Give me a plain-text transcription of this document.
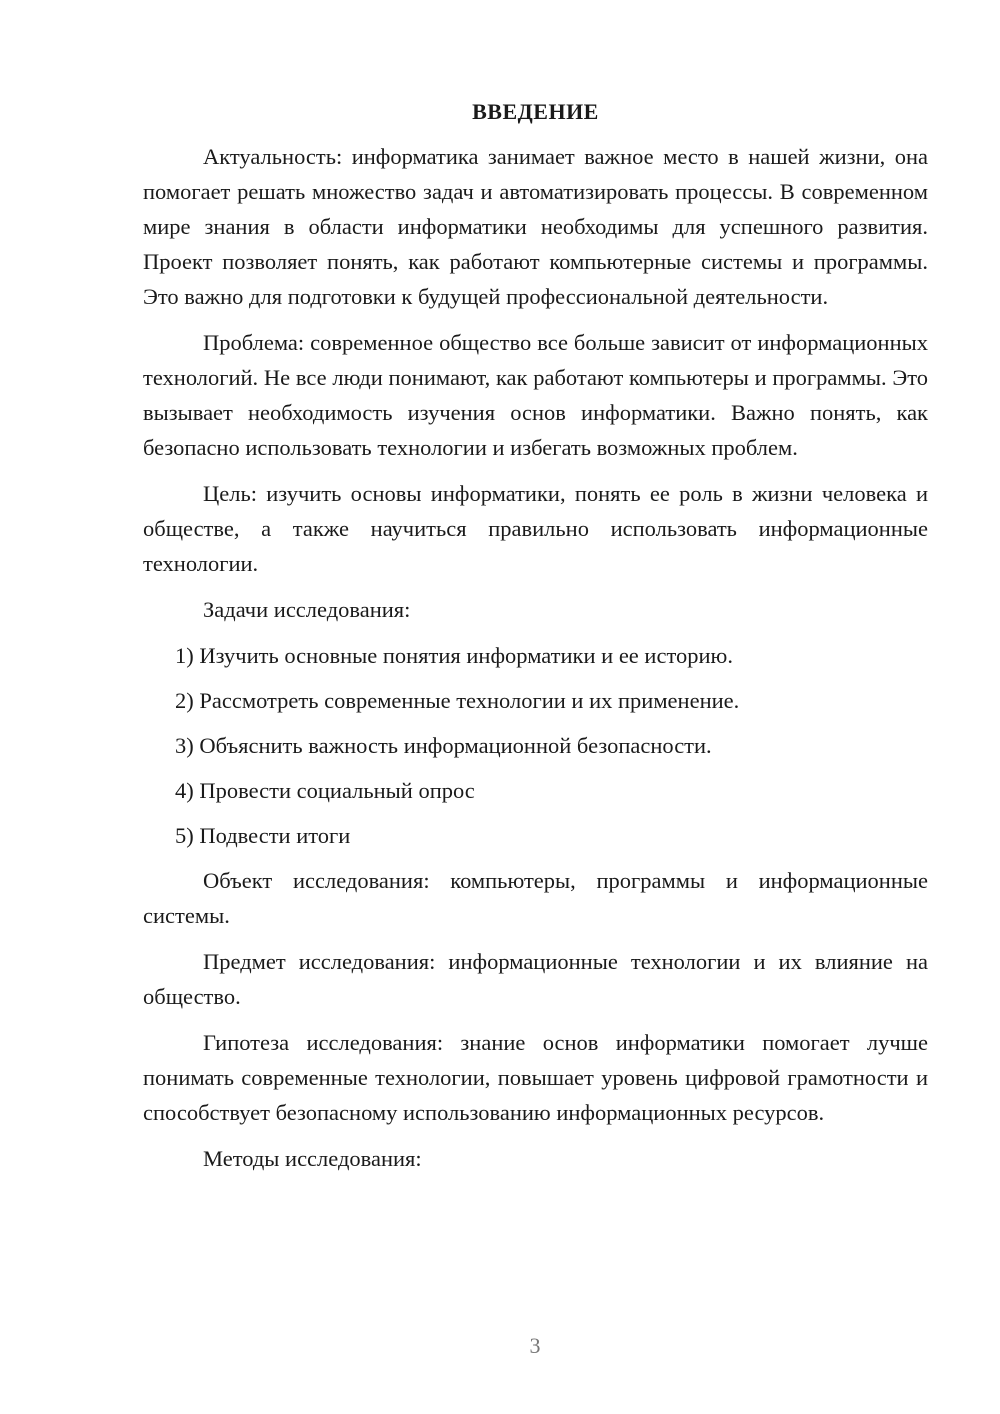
ВВЕДЕНИЕ

Актуальность: информатика занимает важное место в нашей жизни, она помогает решать множество задач и автоматизировать процессы. В современном мире знания в области информатики необходимы для успешного развития. Проект позволяет понять, как работают компьютерные системы и программы. Это важно для подготовки к будущей профессиональной деятельности.

Проблема: современное общество все больше зависит от информационных технологий. Не все люди понимают, как работают компьютеры и программы. Это вызывает необходимость изучения основ информатики. Важно понять, как безопасно использовать технологии и избегать возможных проблем.

Цель: изучить основы информатики, понять ее роль в жизни человека и обществе, а также научиться правильно использовать информационные технологии.

Задачи исследования:
1) Изучить основные понятия информатики и ее историю.
2) Рассмотреть современные технологии и их применение.
3) Объяснить важность информационной безопасности.
4) Провести социальный опрос
5) Подвести итоги

Объект исследования: компьютеры, программы и информационные системы.

Предмет исследования: информационные технологии и их влияние на общество.

Гипотеза исследования: знание основ информатики помогает лучше понимать современные технологии, повышает уровень цифровой грамотности и способствует безопасному использованию информационных ресурсов.

Методы исследования:
3
